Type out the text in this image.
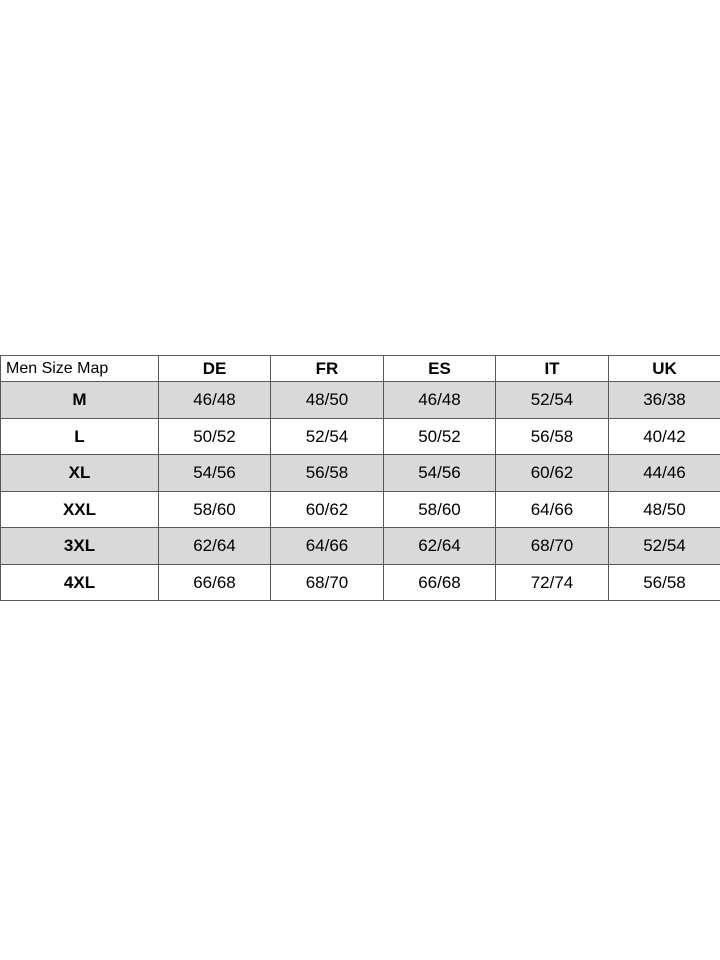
Men Size Map	DE	FR	ES	IT	UK
M	46/48	48/50	46/48	52/54	36/38
L	50/52	52/54	50/52	56/58	40/42
XL	54/56	56/58	54/56	60/62	44/46
XXL	58/60	60/62	58/60	64/66	48/50
3XL	62/64	64/66	62/64	68/70	52/54
4XL	66/68	68/70	66/68	72/74	56/58
